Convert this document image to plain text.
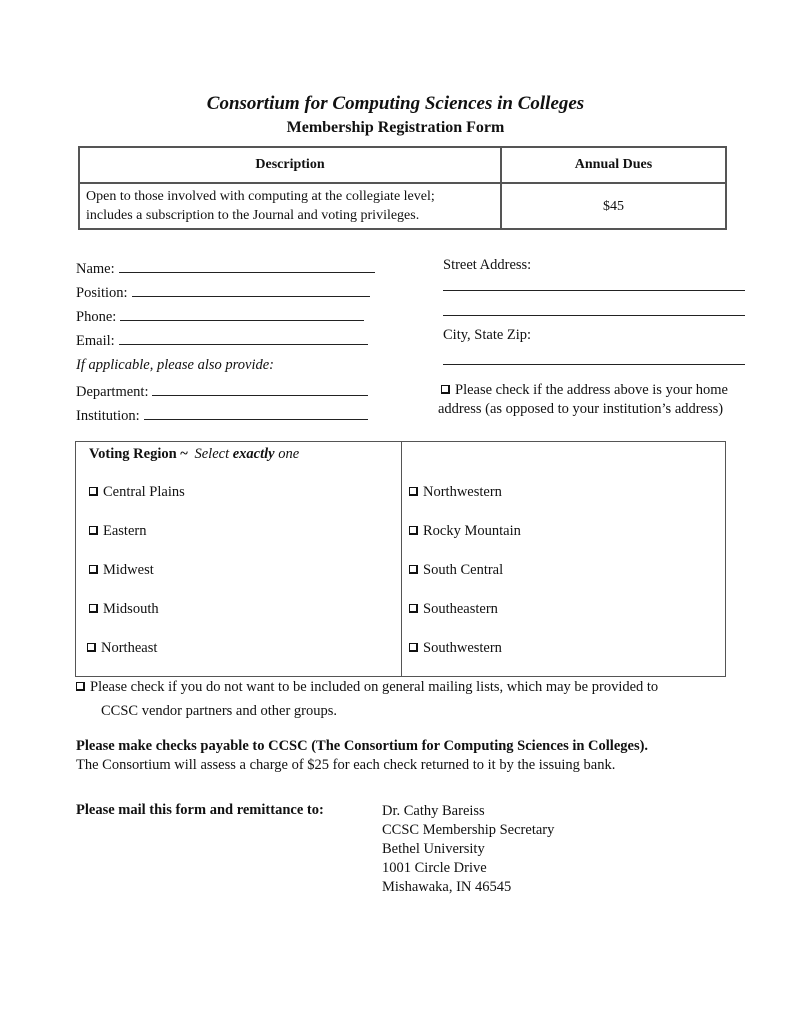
Consortium for Computing Sciences in Colleges
Membership Registration Form
Description	Annual Dues

Open to those involved with computing at the collegiate level;
includes a subscription to the Journal and voting privileges.	$45
Name:
Position:
Phone:
Email:
If applicable, please also provide:
Department:
Institution:
Street Address:
City, State Zip:
Please check if the address above is your home
address (as opposed to your institution’s address)
Voting Region ~ Select exactly one
Central Plains
Eastern
Midwest
Midsouth
Northeast
Northwestern
Rocky Mountain
South Central
Southeastern
Southwestern
Please check if you do not want to be included on general mailing lists, which may be provided to
CCSC vendor partners and other groups.
Please make checks payable to CCSC (The Consortium for Computing Sciences in Colleges).
The Consortium will assess a charge of $25 for each check returned to it by the issuing bank.
Please mail this form and remittance to:	Dr. Cathy Bareiss
CCSC Membership Secretary
Bethel University
1001 Circle Drive
Mishawaka, IN 46545
